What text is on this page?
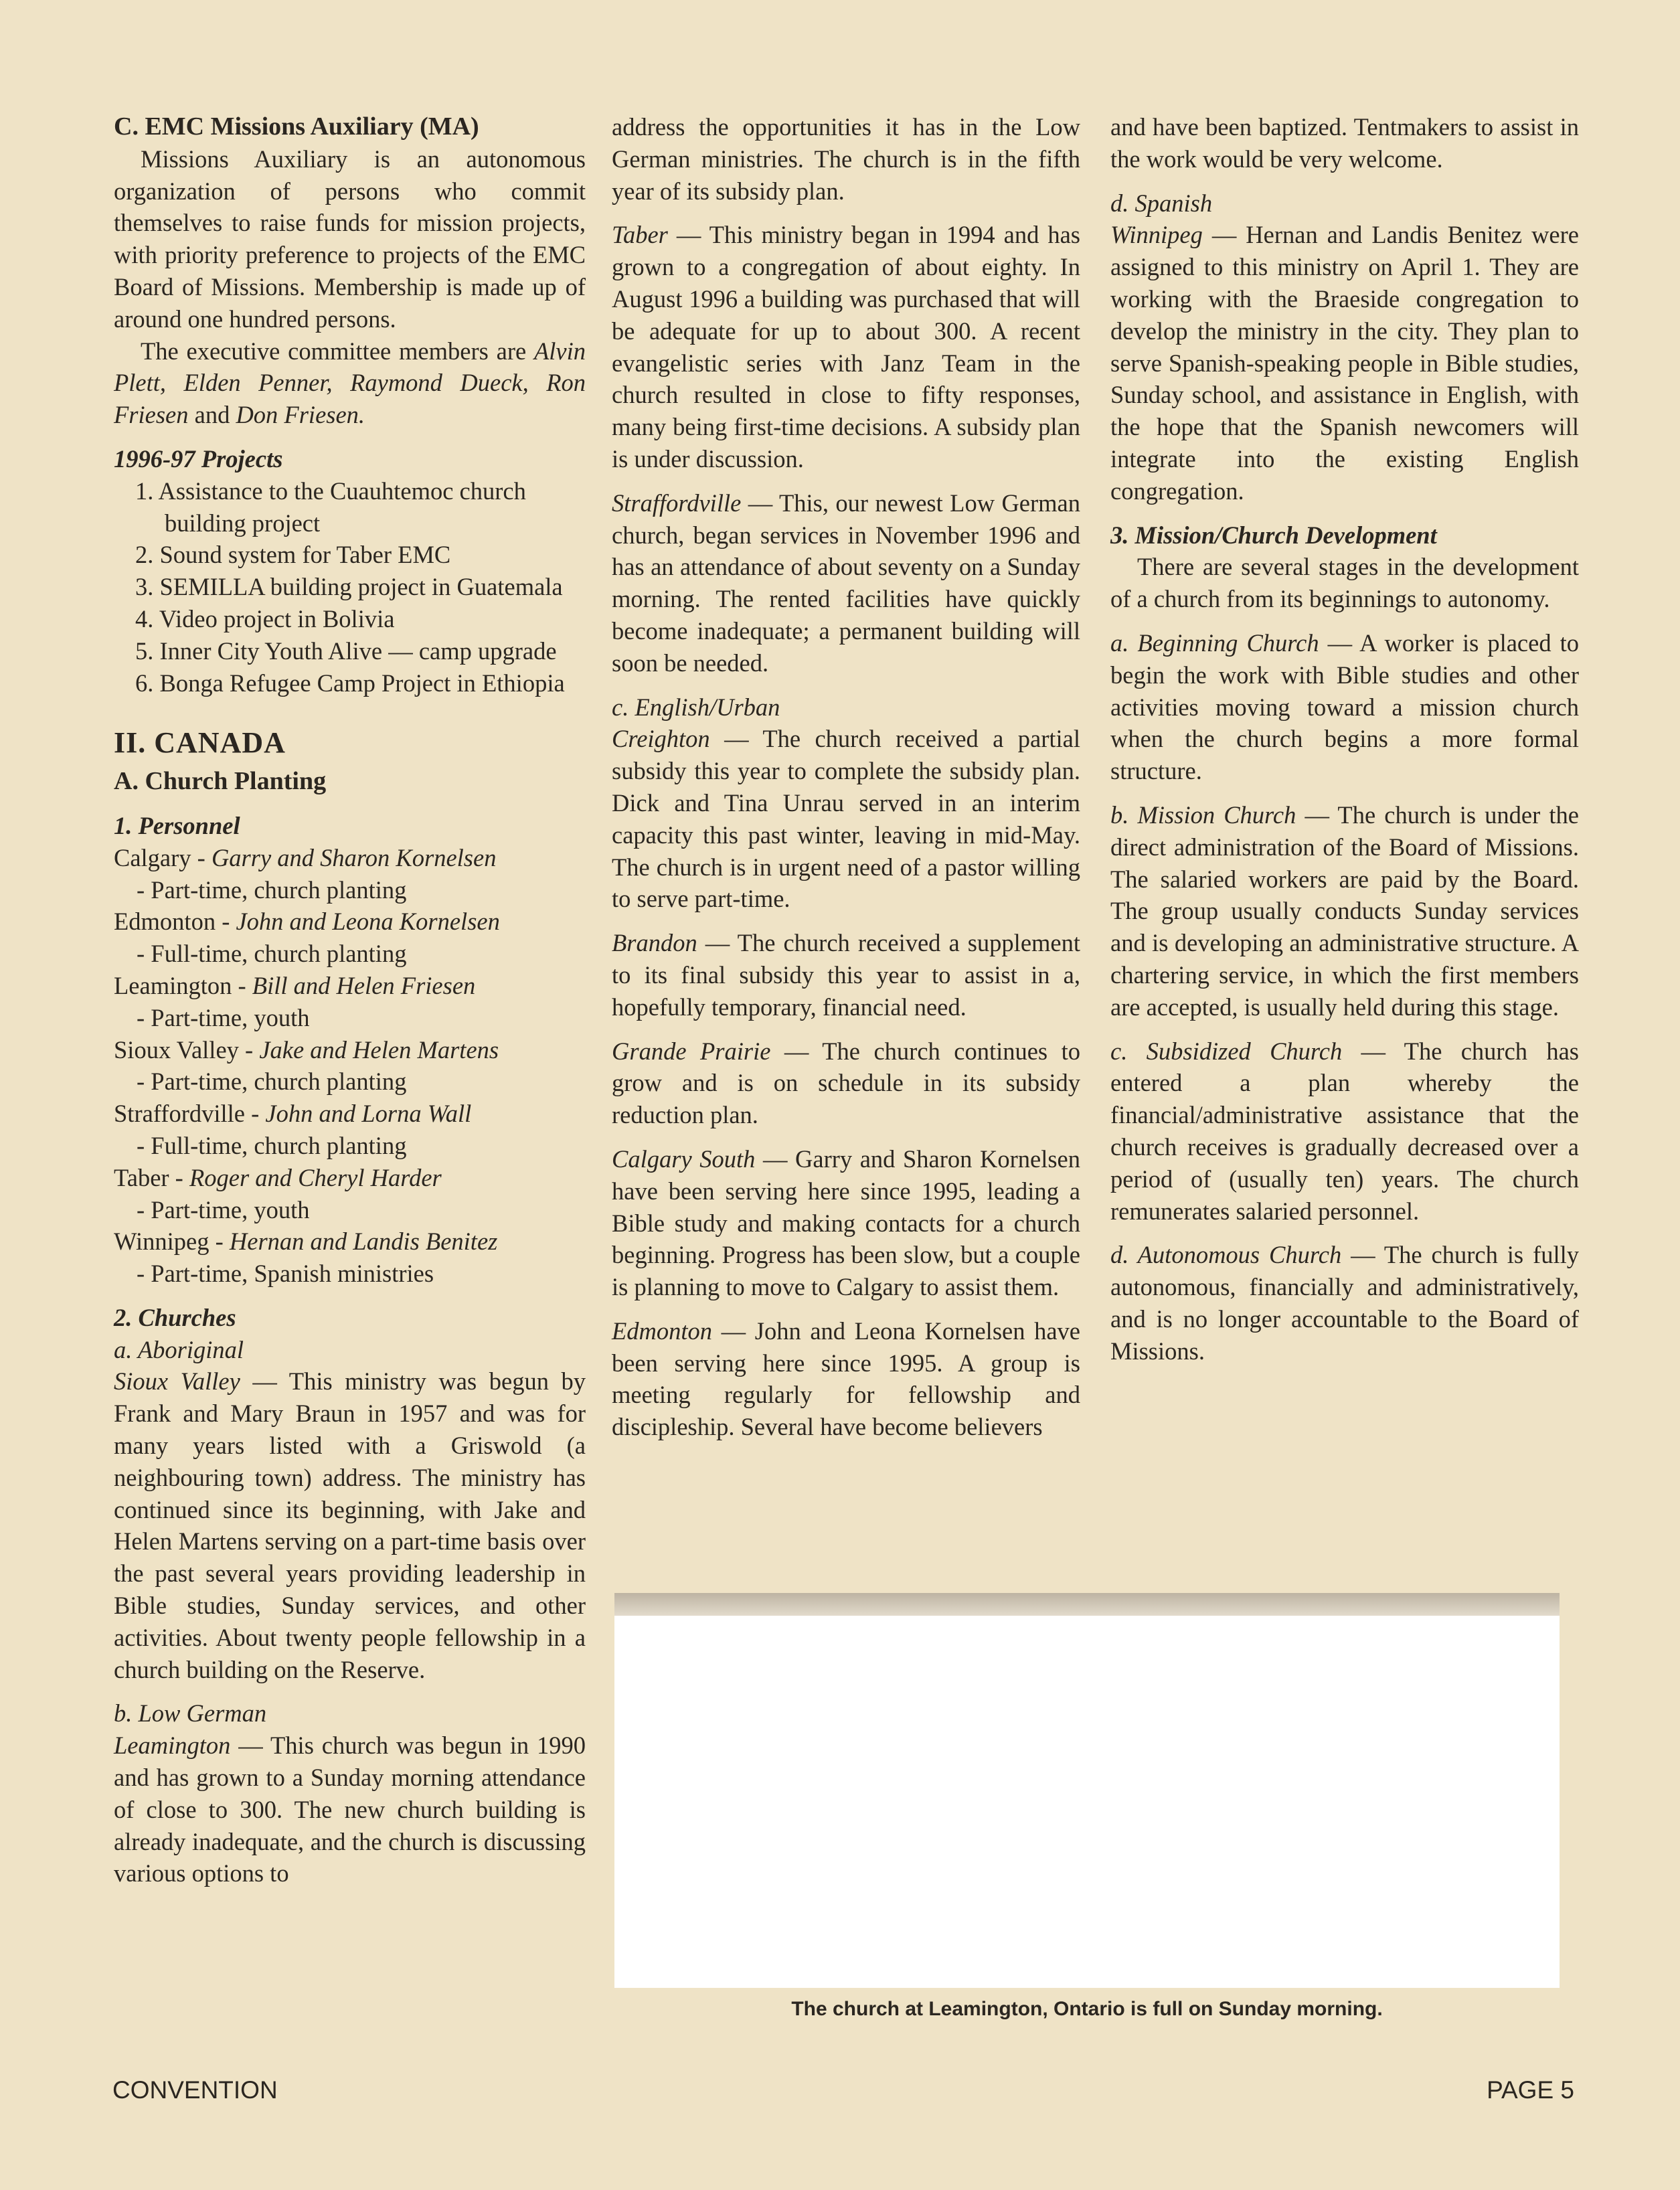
C. EMC Missions Auxiliary (MA)

Missions Auxiliary is an autonomous organization of persons who commit themselves to raise funds for mission projects, with priority preference to projects of the EMC Board of Missions. Membership is made up of around one hundred persons.

The executive committee members are Alvin Plett, Elden Penner, Raymond Dueck, Ron Friesen and Don Friesen.

1996-97 Projects

1. Assistance to the Cuauhtemoc church building project
2. Sound system for Taber EMC
3. SEMILLA building project in Guatemala
4. Video project in Bolivia
5. Inner City Youth Alive — camp upgrade
6. Bonga Refugee Camp Project in Ethiopia

II. CANADA

A. Church Planting

1. Personnel

Calgary - Garry and Sharon Kornelsen

- Part-time, church planting

Edmonton - John and Leona Kornelsen

- Full-time, church planting

Leamington - Bill and Helen Friesen

- Part-time, youth

Sioux Valley - Jake and Helen Martens

- Part-time, church planting

Straffordville - John and Lorna Wall

- Full-time, church planting

Taber - Roger and Cheryl Harder

- Part-time, youth

Winnipeg - Hernan and Landis Benitez

- Part-time, Spanish ministries

2. Churches

a. Aboriginal

Sioux Valley — This ministry was begun by Frank and Mary Braun in 1957 and was for many years listed with a Griswold (a neighbouring town) address. The ministry has continued since its beginning, with Jake and Helen Martens serving on a part-time basis over the past several years providing leadership in Bible studies, Sunday services, and other activities. About twenty people fellowship in a church building on the Reserve.

b. Low German

Leamington — This church was begun in 1990 and has grown to a Sunday morning attendance of close to 300. The new church building is already inadequate, and the church is discussing various options to

address the opportunities it has in the Low German ministries. The church is in the fifth year of its subsidy plan.

Taber — This ministry began in 1994 and has grown to a congregation of about eighty. In August 1996 a building was purchased that will be adequate for up to about 300. A recent evangelistic series with Janz Team in the church resulted in close to fifty responses, many being first-time decisions. A subsidy plan is under discussion.

Straffordville — This, our newest Low German church, began services in November 1996 and has an attendance of about seventy on a Sunday morning. The rented facilities have quickly become inadequate; a permanent building will soon be needed.

c. English/Urban

Creighton — The church received a partial subsidy this year to complete the subsidy plan. Dick and Tina Unrau served in an interim capacity this past winter, leaving in mid-May. The church is in urgent need of a pastor willing to serve part-time.

Brandon — The church received a supplement to its final subsidy this year to assist in a, hopefully temporary, financial need.

Grande Prairie — The church continues to grow and is on schedule in its subsidy reduction plan.

Calgary South — Garry and Sharon Kornelsen have been serving here since 1995, leading a Bible study and making contacts for a church beginning. Progress has been slow, but a couple is planning to move to Calgary to assist them.

Edmonton — John and Leona Kornelsen have been serving here since 1995. A group is meeting regularly for fellowship and discipleship. Several have become believers

and have been baptized. Tentmakers to assist in the work would be very welcome.

d. Spanish

Winnipeg — Hernan and Landis Benitez were assigned to this ministry on April 1. They are working with the Braeside congregation to develop the ministry in the city. They plan to serve Spanish-speaking people in Bible studies, Sunday school, and assistance in English, with the hope that the Spanish newcomers will integrate into the existing English congregation.

3. Mission/Church Development

There are several stages in the development of a church from its beginnings to autonomy.

a. Beginning Church — A worker is placed to begin the work with Bible studies and other activities moving toward a mission church when the church begins a more formal structure.

b. Mission Church — The church is under the direct administration of the Board of Missions. The salaried workers are paid by the Board. The group usually conducts Sunday services and is developing an administrative structure. A chartering service, in which the first members are accepted, is usually held during this stage.

c. Subsidized Church — The church has entered a plan whereby the financial/administrative assistance that the church receives is gradually decreased over a period of (usually ten) years. The church remunerates salaried personnel.

d. Autonomous Church — The church is fully autonomous, financially and administratively, and is no longer accountable to the Board of Missions.

The church at Leamington, Ontario is full on Sunday morning.
CONVENTION	PAGE 5
